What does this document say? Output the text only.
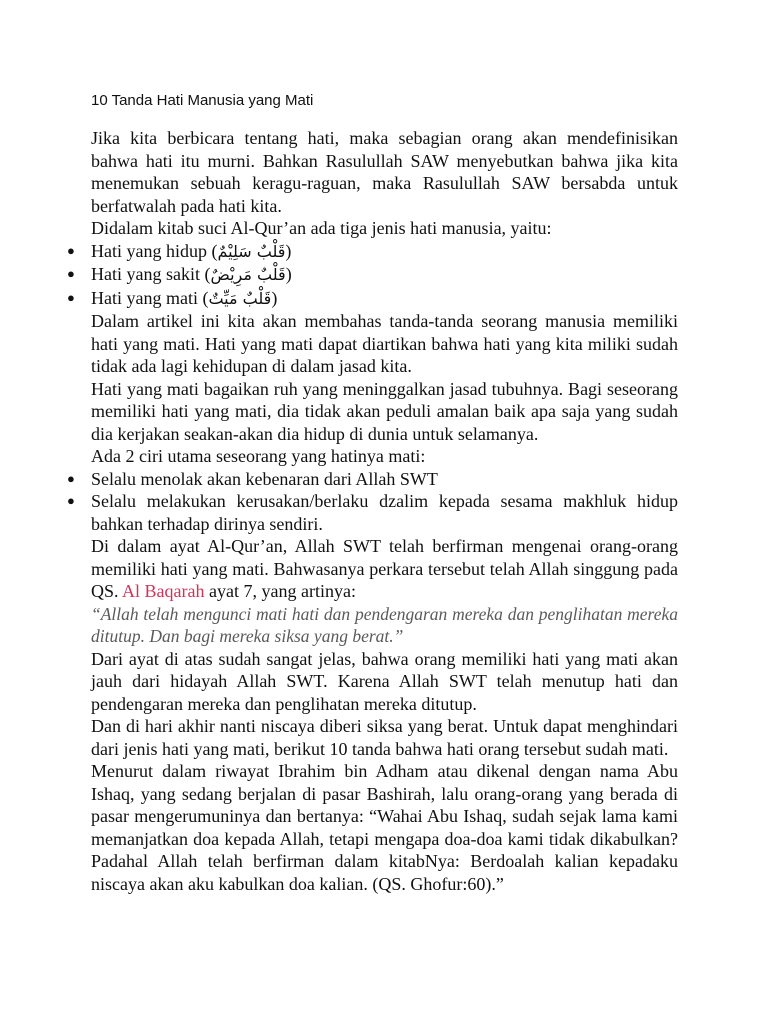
10 Tanda Hati Manusia yang Mati

Jika kita berbicara tentang hati, maka sebagian orang akan mendefinisikan bahwa hati itu murni. Bahkan Rasulullah SAW menyebutkan bahwa jika kita menemukan sebuah keragu-raguan, maka Rasulullah SAW bersabda untuk berfatwalah pada hati kita.

Didalam kitab suci Al-Qur’an ada tiga jenis hati manusia, yaitu:

● Hati yang hidup (قَلْبٌ سَلِيْمٌ)
● Hati yang sakit (قَلْبٌ مَرِيْضٌ)
● Hati yang mati (قَلْبٌ مَيِّتٌ)

Dalam artikel ini kita akan membahas tanda-tanda seorang manusia memiliki hati yang mati. Hati yang mati dapat diartikan bahwa hati yang kita miliki sudah tidak ada lagi kehidupan di dalam jasad kita.

Hati yang mati bagaikan ruh yang meninggalkan jasad tubuhnya. Bagi seseorang memiliki hati yang mati, dia tidak akan peduli amalan baik apa saja yang sudah dia kerjakan seakan-akan dia hidup di dunia untuk selamanya.

Ada 2 ciri utama seseorang yang hatinya mati:

● Selalu menolak akan kebenaran dari Allah SWT
● Selalu melakukan kerusakan/berlaku dzalim kepada sesama makhluk hidup bahkan terhadap dirinya sendiri.

Di dalam ayat Al-Qur’an, Allah SWT telah berfirman mengenai orang-orang memiliki hati yang mati. Bahwasanya perkara tersebut telah Allah singgung pada QS. Al Baqarah ayat 7, yang artinya:

“Allah telah mengunci mati hati dan pendengaran mereka dan penglihatan mereka ditutup. Dan bagi mereka siksa yang berat.”

Dari ayat di atas sudah sangat jelas, bahwa orang memiliki hati yang mati akan jauh dari hidayah Allah SWT. Karena Allah SWT telah menutup hati dan pendengaran mereka dan penglihatan mereka ditutup.

Dan di hari akhir nanti niscaya diberi siksa yang berat. Untuk dapat menghindari dari jenis hati yang mati, berikut 10 tanda bahwa hati orang tersebut sudah mati.

Menurut dalam riwayat Ibrahim bin Adham atau dikenal dengan nama Abu Ishaq, yang sedang berjalan di pasar Bashirah, lalu orang-orang yang berada di pasar mengerumuninya dan bertanya: “Wahai Abu Ishaq, sudah sejak lama kami memanjatkan doa kepada Allah, tetapi mengapa doa-doa kami tidak dikabulkan? Padahal Allah telah berfirman dalam kitabNya: Berdoalah kalian kepadaku niscaya akan aku kabulkan doa kalian. (QS. Ghofur:60).”
